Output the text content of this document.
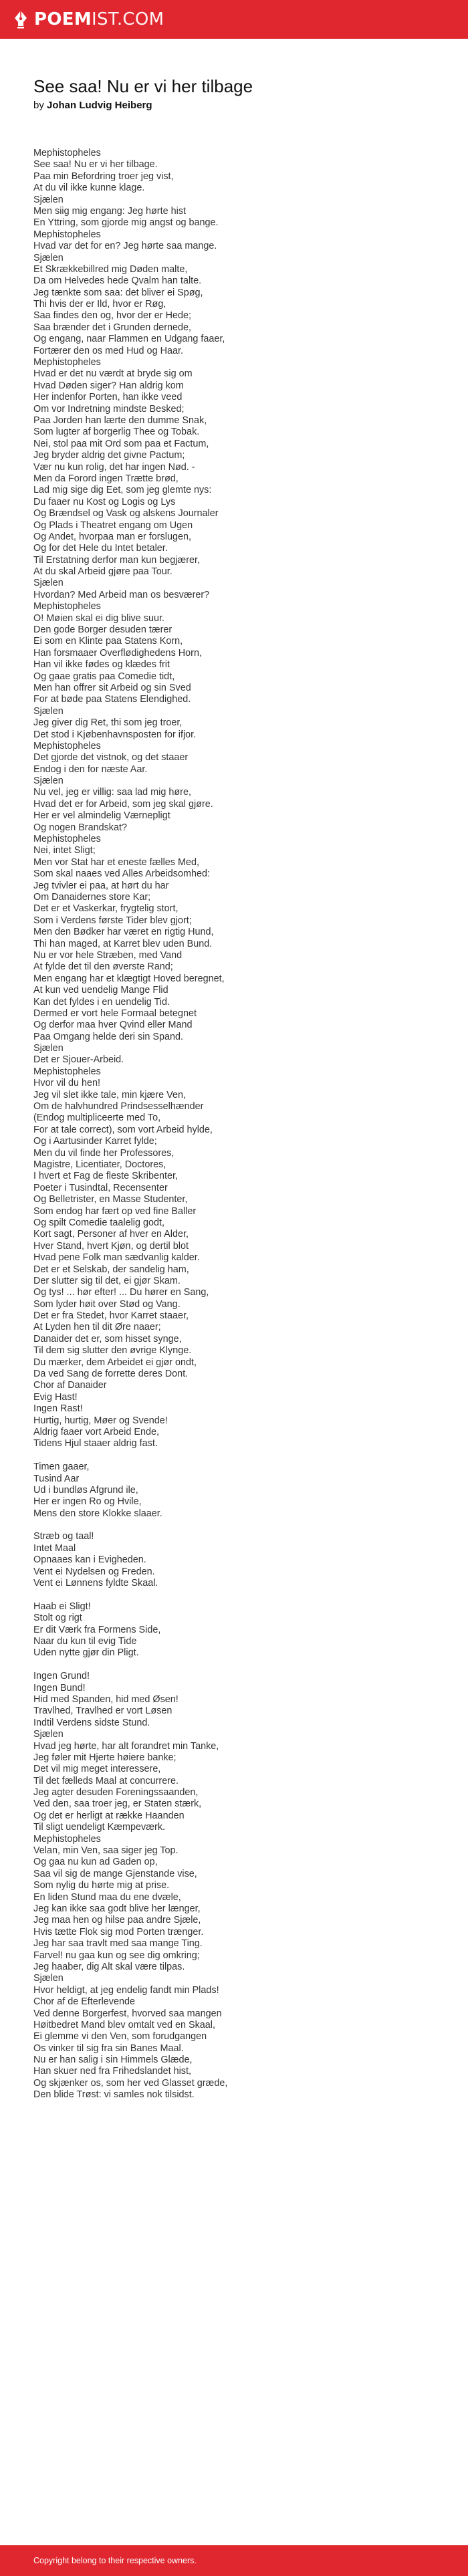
POEMIST.COM
See saa! Nu er vi her tilbage
by Johan Ludvig Heiberg
Mephistopheles
See saa! Nu er vi her tilbage.
Paa min Befordring troer jeg vist,
At du vil ikke kunne klage.
Sjælen
Men siig mig engang: Jeg hørte hist
En Yttring, som gjorde mig angst og bange.
Mephistopheles
Hvad var det for en? Jeg hørte saa mange.
Sjælen
Et Skrækkebillred mig Døden malte,
Da om Helvedes hede Qvalm han talte.
Jeg tænkte som saa: det bliver ei Spøg,
Thi hvis der er Ild, hvor er Røg,
Saa findes den og, hvor der er Hede;
Saa brænder det i Grunden dernede,
Og engang, naar Flammen en Udgang faaer,
Fortærer den os med Hud og Haar.
Mephistopheles
Hvad er det nu værdt at bryde sig om
Hvad Døden siger? Han aldrig kom
Her indenfor Porten, han ikke veed
Om vor Indretning mindste Besked;
Paa Jorden han lærte den dumme Snak,
Som lugter af borgerlig Thee og Tobak.
Nei, stol paa mit Ord som paa et Factum,
Jeg bryder aldrig det givne Pactum;
Vær nu kun rolig, det har ingen Nød. -
Men da Forord ingen Trætte brød,
Lad mig sige dig Eet, som jeg glemte nys:
Du faaer nu Kost og Logis og Lys
Og Brændsel og Vask og alskens Journaler
Og Plads i Theatret engang om Ugen
Og Andet, hvorpaa man er forslugen,
Og for det Hele du Intet betaler.
Til Erstatning derfor man kun begjærer,
At du skal Arbeid gjøre paa Tour.
Sjælen
Hvordan? Med Arbeid man os besværer?
Mephistopheles
O! Møien skal ei dig blive suur.
Den gode Borger desuden tærer
Ei som en Klinte paa Statens Korn,
Han forsmaaer Overflødighedens Horn,
Han vil ikke fødes og klædes frit
Og gaae gratis paa Comedie tidt,
Men han offrer sit Arbeid og sin Sved
For at bøde paa Statens Elendighed.
Sjælen
Jeg giver dig Ret, thi som jeg troer,
Det stod i Kjøbenhavnsposten for ifjor.
Mephistopheles
Det gjorde det vistnok, og det staaer
Endog i den for næste Aar.
Sjælen
Nu vel, jeg er villig: saa lad mig høre,
Hvad det er for Arbeid, som jeg skal gjøre.
Her er vel almindelig Værnepligt
Og nogen Brandskat?
Mephistopheles
Nei, intet Sligt;
Men vor Stat har et eneste fælles Med,
Som skal naaes ved Alles Arbeidsomhed:
Jeg tvivler ei paa, at hørt du har
Om Danaidernes store Kar;
Det er et Vaskerkar, frygtelig stort,
Som i Verdens første Tider blev gjort;
Men den Bødker har været en rigtig Hund,
Thi han maged, at Karret blev uden Bund.
Nu er vor hele Stræben, med Vand
At fylde det til den øverste Rand;
Men engang har et klægtigt Hoved beregnet,
At kun ved uendelig Mange Flid
Kan det fyldes i en uendelig Tid.
Dermed er vort hele Formaal betegnet
Og derfor maa hver Qvind eller Mand
Paa Omgang helde deri sin Spand.
Sjælen
Det er Sjouer-Arbeid.
Mephistopheles
Hvor vil du hen!
Jeg vil slet ikke tale, min kjære Ven,
Om de halvhundred Prindsesselhænder
(Endog multipliceerte med To,
For at tale correct), som vort Arbeid hylde,
Og i Aartusinder Karret fylde;
Men du vil finde her Professores,
Magistre, Licentiater, Doctores,
I hvert et Fag de fleste Skribenter,
Poeter i Tusindtal, Recensenter
Og Belletrister, en Masse Studenter,
Som endog har fært op ved fine Baller
Og spilt Comedie taalelig godt,
Kort sagt, Personer af hver en Alder,
Hver Stand, hvert Kjøn, og dertil blot
Hvad pene Folk man sædvanlig kalder.
Det er et Selskab, der sandelig ham,
Der slutter sig til det, ei gjør Skam.
Og tys! ... hør efter! ... Du hører en Sang,
Som lyder høit over Stød og Vang.
Det er fra Stedet, hvor Karret staaer,
At Lyden hen til dit Øre naaer;
Danaider det er, som hisset synge,
Til dem sig slutter den øvrige Klynge.
Du mærker, dem Arbeidet ei gjør ondt,
Da ved Sang de forrette deres Dont.
Chor af Danaider
Evig Hast!
Ingen Rast!
Hurtig, hurtig, Møer og Svende!
Aldrig faaer vort Arbeid Ende,
Tidens Hjul staaer aldrig fast.
Timen gaaer,
Tusind Aar
Ud i bundløs Afgrund ile,
Her er ingen Ro og Hvile,
Mens den store Klokke slaaer.
Stræb og taal!
Intet Maal
Opnaaes kan i Evigheden.
Vent ei Nydelsen og Freden.
Vent ei Lønnens fyldte Skaal.
Haab ei Sligt!
Stolt og rigt
Er dit Værk fra Formens Side,
Naar du kun til evig Tide
Uden nytte gjør din Pligt.
Ingen Grund!
Ingen Bund!
Hid med Spanden, hid med Øsen!
Travlhed, Travlhed er vort Løsen
Indtil Verdens sidste Stund.
Sjælen
Hvad jeg hørte, har alt forandret min Tanke,
Jeg føler mit Hjerte høiere banke;
Det vil mig meget interessere,
Til det fælleds Maal at concurrere.
Jeg agter desuden Foreningssaanden,
Ved den, saa troer jeg, er Staten stærk,
Og det er herligt at række Haanden
Til sligt uendeligt Kæmpeværk.
Mephistopheles
Velan, min Ven, saa siger jeg Top.
Og gaa nu kun ad Gaden op,
Saa vil sig de mange Gjenstande vise,
Som nylig du hørte mig at prise.
En liden Stund maa du ene dvæle,
Jeg kan ikke saa godt blive her længer,
Jeg maa hen og hilse paa andre Sjæle,
Hvis tætte Flok sig mod Porten trænger.
Jeg har saa travlt med saa mange Ting.
Farvel! nu gaa kun og see dig omkring;
Jeg haaber, dig Alt skal være tilpas.
Sjælen
Hvor heldigt, at jeg endelig fandt min Plads!
Chor af de Efterlevende
Ved denne Borgerfest, hvorved saa mangen
Høitbedret Mand blev omtalt ved en Skaal,
Ei glemme vi den Ven, som forudgangen
Os vinker til sig fra sin Banes Maal.
Nu er han salig i sin Himmels Glæde,
Han skuer ned fra Frihedslandet hist,
Og skjænker os, som her ved Glasset græde,
Den blide Trøst: vi samles nok tilsidst.
Copyright belong to their respective owners.
